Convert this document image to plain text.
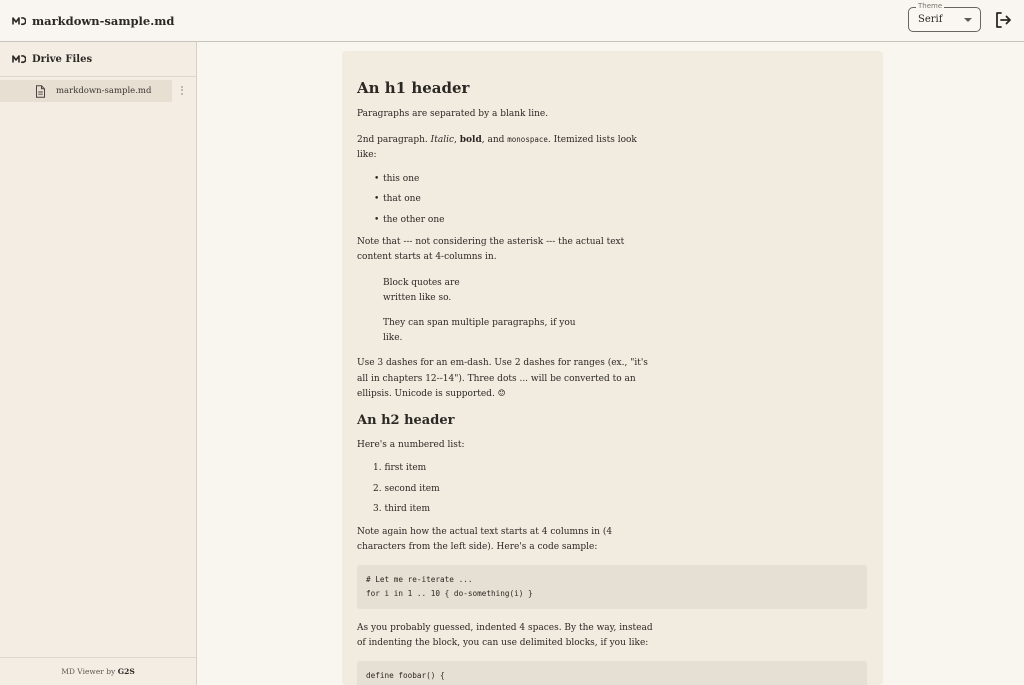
markdown-sample.md
Theme
Serif
Drive Files
markdown-sample.md
MD Viewer by G2S
An h1 header

Paragraphs are separated by a blank line.

2nd paragraph. Italic, bold, and monospace. Itemized lists look like:

• this one
• that one
• the other one

Note that --- not considering the asterisk --- the actual text content starts at 4-columns in.

Block quotes are written like so.

They can span multiple paragraphs, if you like.

Use 3 dashes for an em-dash. Use 2 dashes for ranges (ex., "it's all in chapters 12--14"). Three dots ... will be converted to an ellipsis. Unicode is supported. ☺

An h2 header

Here's a numbered list:

1. first item
2. second item
3. third item

Note again how the actual text starts at 4 columns in (4 characters from the left side). Here's a code sample:

# Let me re-iterate ...
for i in 1 .. 10 { do-something(i) }

As you probably guessed, indented 4 spaces. By the way, instead of indenting the block, you can use delimited blocks, if you like:

define foobar() {
